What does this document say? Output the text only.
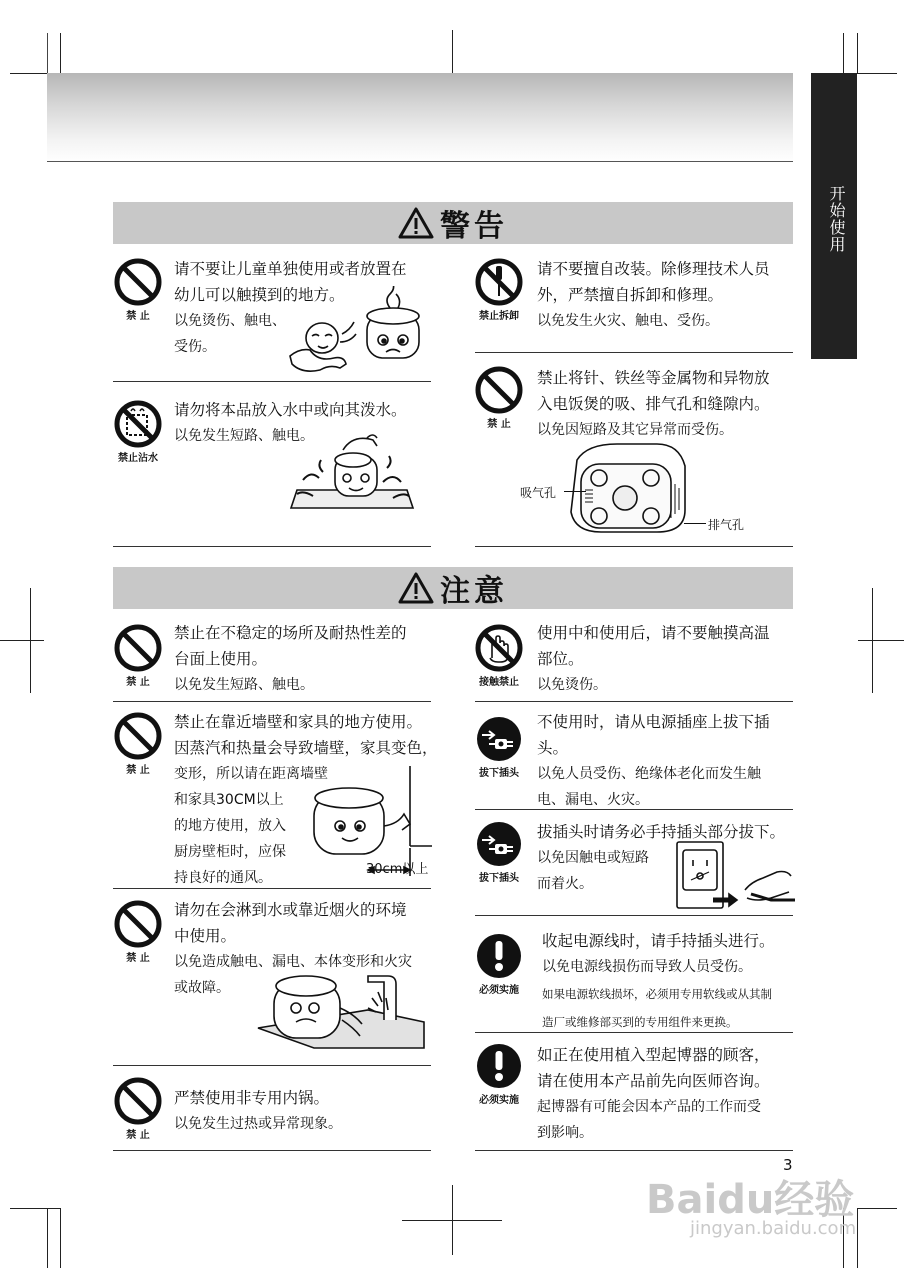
开始使用
警告
禁 止
请不要让儿童单独使用或者放置在
幼儿可以触摸到的地方。
以免烫伤、触电、
受伤。
禁止沾水
请勿将本品放入水中或向其泼水。
以免发生短路、触电。
禁止拆卸
请不要擅自改装。除修理技术人员
外，严禁擅自拆卸和修理。
以免发生火灾、触电、受伤。
禁 止
禁止将针、铁丝等金属物和异物放
入电饭煲的吸、排气孔和缝隙内。
以免因短路及其它异常而受伤。
吸气孔
排气孔
注意
禁 止
禁止在不稳定的场所及耐热性差的
台面上使用。
以免发生短路、触电。
禁 止
禁止在靠近墙壁和家具的地方使用。
因蒸汽和热量会导致墙壁，家具变色，
变形，所以请在距离墙壁
和家具30CM以上
的地方使用，放入
厨房壁柜时，应保
持良好的通风。
30cm以上
禁 止
请勿在会淋到水或靠近烟火的环境
中使用。
以免造成触电、漏电、本体变形和火灾
或故障。
禁 止
严禁使用非专用内锅。
以免发生过热或异常现象。
接触禁止
使用中和使用后，请不要触摸高温
部位。
以免烫伤。
拔下插头
不使用时，请从电源插座上拔下插
头。
以免人员受伤、绝缘体老化而发生触
电、漏电、火灾。
拔下插头
拔插头时请务必手持插头部分拔下。
以免因触电或短路
而着火。
必须实施
收起电源线时，请手持插头进行。
以免电源线损伤而导致人员受伤。
如果电源软线损坏，必须用专用软线或从其制
造厂或维修部买到的专用组件来更换。
必须实施
如正在使用植入型起博器的顾客，
请在使用本产品前先向医师咨询。
起博器有可能会因本产品的工作而受
到影响。
3
Baidu经验
jingyan.baidu.com
